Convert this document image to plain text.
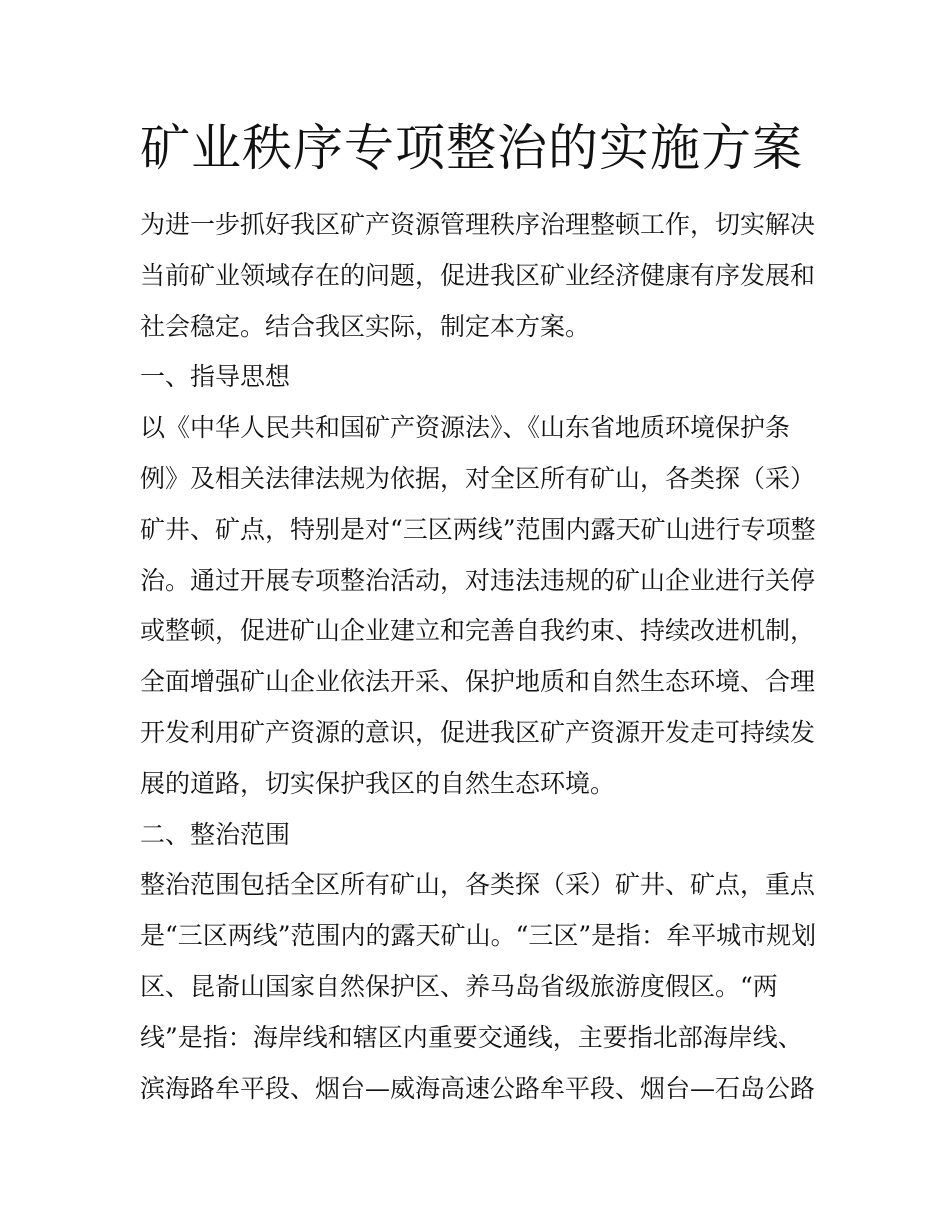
矿业秩序专项整治的实施方案
为进一步抓好我区矿产资源管理秩序治理整顿工作，切实解决
当前矿业领域存在的问题，促进我区矿业经济健康有序发展和
社会稳定。结合我区实际，制定本方案。
一、指导思想
以《中华人民共和国矿产资源法》、《山东省地质环境保护条
例》及相关法律法规为依据，对全区所有矿山，各类探（采）
矿井、矿点，特别是对“三区两线”范围内露天矿山进行专项整
治。通过开展专项整治活动，对违法违规的矿山企业进行关停
或整顿，促进矿山企业建立和完善自我约束、持续改进机制，
全面增强矿山企业依法开采、保护地质和自然生态环境、合理
开发利用矿产资源的意识，促进我区矿产资源开发走可持续发
展的道路，切实保护我区的自然生态环境。
二、整治范围
整治范围包括全区所有矿山，各类探（采）矿井、矿点，重点
是“三区两线”范围内的露天矿山。“三区”是指：牟平城市规划
区、昆嵛山国家自然保护区、养马岛省级旅游度假区。“两
线”是指：海岸线和辖区内重要交通线，主要指北部海岸线、
滨海路牟平段、烟台—威海高速公路牟平段、烟台—石岛公路
